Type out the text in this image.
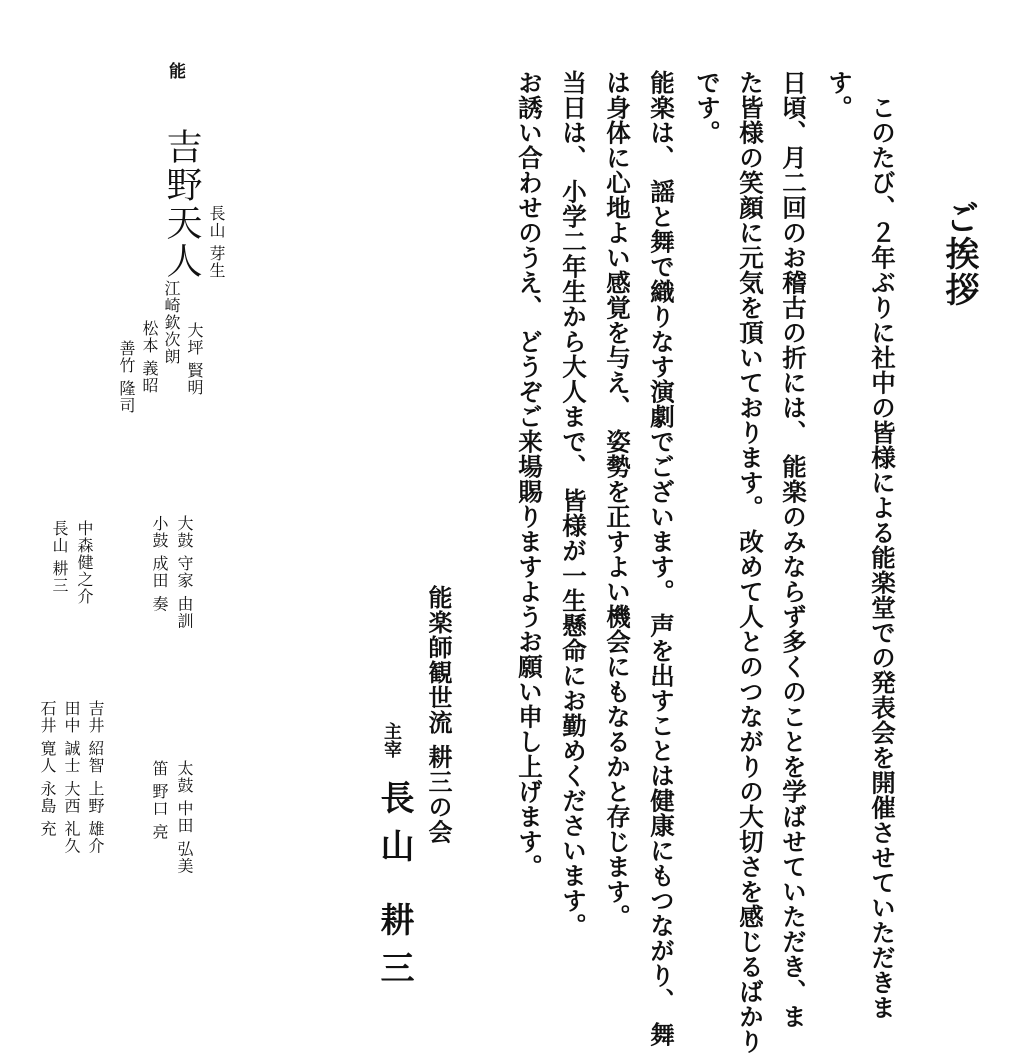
ご挨拶
このたび、２年ぶりに社中の皆様による能楽堂での発表会を開催させていただきま
す。
日頃、月二回のお稽古の折には、 能楽のみならず多くのことを学ばせていただき、ま
た皆様の笑顔に元気を頂いております。 改めて人とのつながりの大切さを感じるばかり
です。
能楽は、 謡と舞で織りなす演劇でございます。 声を出すことは健康にもつながり、 舞
は身体に心地よい感覚を与え、 姿勢を正すよい機会にもなるかと存じます。
当日は、 小学二年生から大人まで、 皆様が一生懸命にお勤めくださいます。
お誘い合わせのうえ、 どうぞご来場賜りますようお願い申し上げます。
能楽師観世流 耕三の会
主宰
長山 耕三
能
吉野天人 長山 芽生
大坪 賢明
江崎欽次朗
松本 義昭
善竹 隆司
大鼓 守家 由訓
小鼓 成田 奏
中森健之介
長山 耕三
太鼓 中田 弘美
笛 野口 亮
吉井 紹智 上野 雄介
田中 誠士 大西 礼久
石井 寛人 永島 充
